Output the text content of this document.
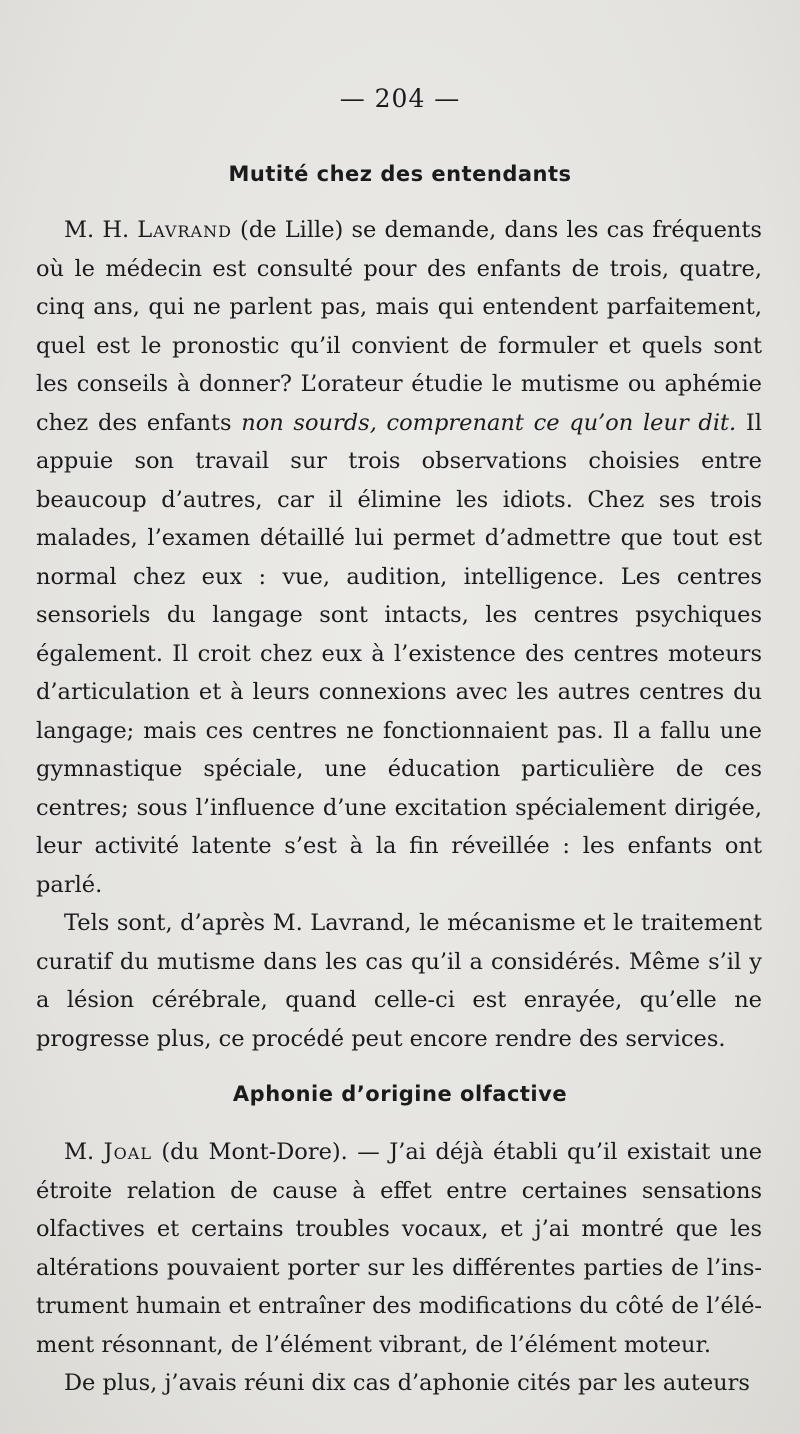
— 204 —
Mutité chez des entendants

M. H. Lavrand (de Lille) se demande, dans les cas fréquents où le médecin est consulté pour des enfants de trois, quatre, cinq ans, qui ne parlent pas, mais qui entendent parfaitement, quel est le pronostic qu’il convient de formuler et quels sont les conseils à donner? L’orateur étudie le mutisme ou aphémie chez des enfants non sourds, comprenant ce qu’on leur dit. Il appuie son travail sur trois observations choisies entre beaucoup d’autres, car il élimine les idiots. Chez ses trois malades, l’examen détaillé lui permet d’admettre que tout est normal chez eux : vue, audition, intelligence. Les centres sensoriels du langage sont intacts, les centres psychiques également. Il croit chez eux à l’existence des centres moteurs d’articulation et à leurs connexions avec les autres centres du langage; mais ces centres ne fonctionnaient pas. Il a fallu une gymnastique spéciale, une éducation particulière de ces centres; sous l’influence d’une excitation spécialement dirigée, leur activité latente s’est à la fin réveillée : les enfants ont parlé.

Tels sont, d’après M. Lavrand, le mécanisme et le traitement curatif du mutisme dans les cas qu’il a considérés. Même s’il y a lésion cérébrale, quand celle-ci est enrayée, qu’elle ne progresse plus, ce procédé peut encore rendre des services.

Aphonie d’origine olfactive

M. Joal (du Mont-Dore). — J’ai déjà établi qu’il existait une étroite relation de cause à effet entre certaines sensations olfactives et certains troubles vocaux, et j’ai montré que les altérations pouvaient porter sur les différentes parties de l’instrument humain et entraîner des modifications du côté de l’élément résonnant, de l’élément vibrant, de l’élément moteur.

De plus, j’avais réuni dix cas d’aphonie cités par les auteurs
